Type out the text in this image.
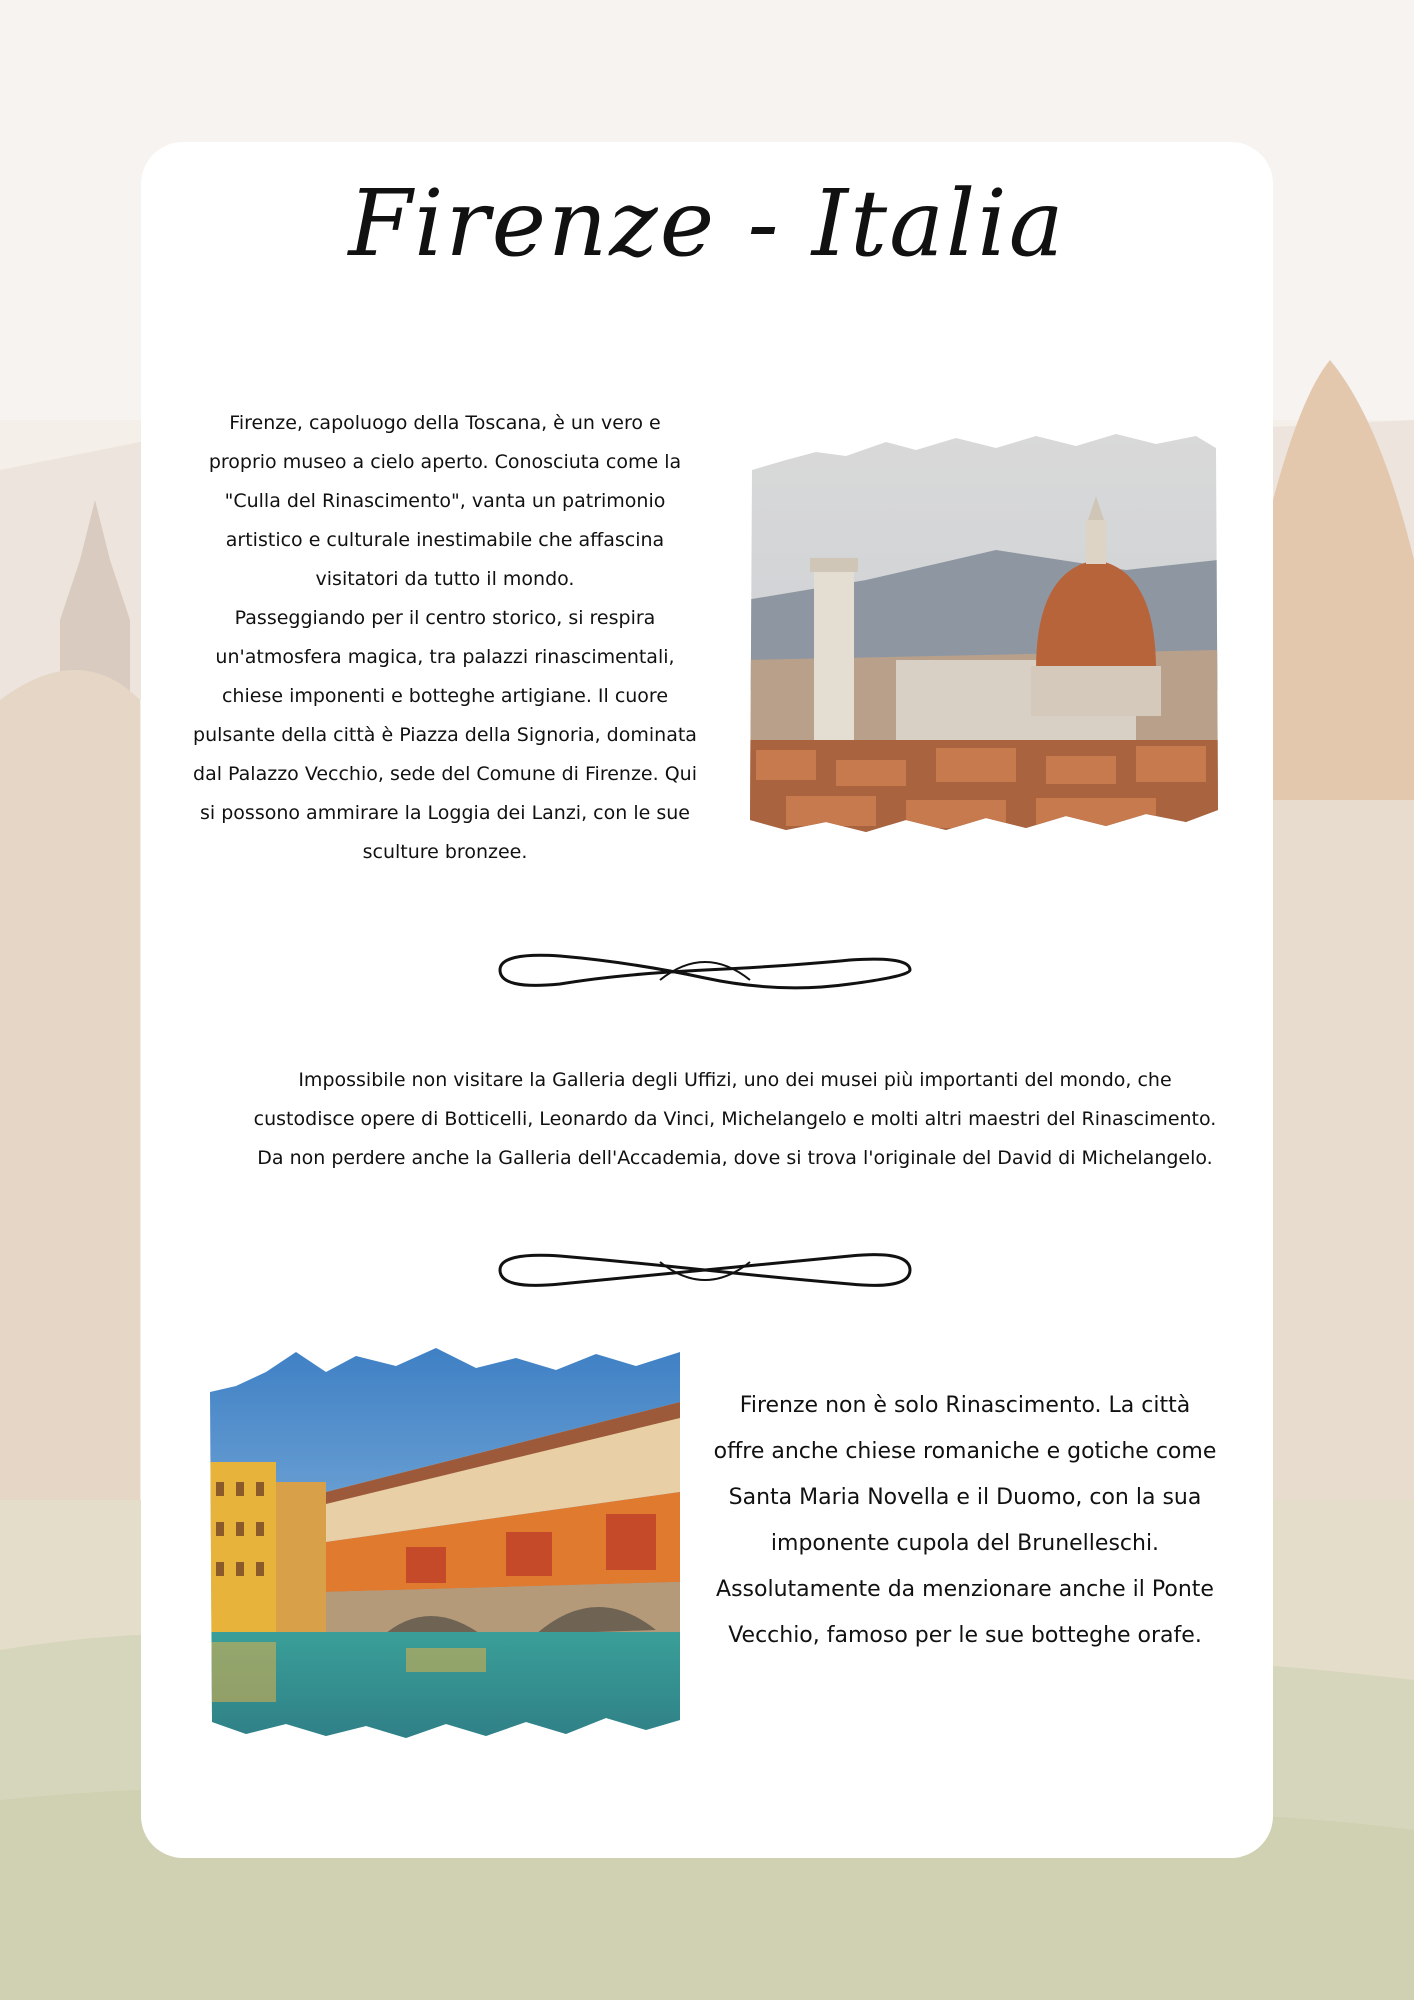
Firenze - Italia
Firenze, capoluogo della Toscana, è un vero e
proprio museo a cielo aperto. Conosciuta come la
"Culla del Rinascimento", vanta un patrimonio
artistico e culturale inestimabile che affascina
visitatori da tutto il mondo.
Passeggiando per il centro storico, si respira
un'atmosfera magica, tra palazzi rinascimentali,
chiese imponenti e botteghe artigiane. Il cuore
pulsante della città è Piazza della Signoria, dominata
dal Palazzo Vecchio, sede del Comune di Firenze. Qui
si possono ammirare la Loggia dei Lanzi, con le sue
sculture bronzee.
Impossibile non visitare la Galleria degli Uffizi, uno dei musei più importanti del mondo, che
custodisce opere di Botticelli, Leonardo da Vinci, Michelangelo e molti altri maestri del Rinascimento.
Da non perdere anche la Galleria dell'Accademia, dove si trova l'originale del David di Michelangelo.
Firenze non è solo Rinascimento. La città
offre anche chiese romaniche e gotiche come
Santa Maria Novella e il Duomo, con la sua
imponente cupola del Brunelleschi.
Assolutamente da menzionare anche il Ponte
Vecchio, famoso per le sue botteghe orafe.
